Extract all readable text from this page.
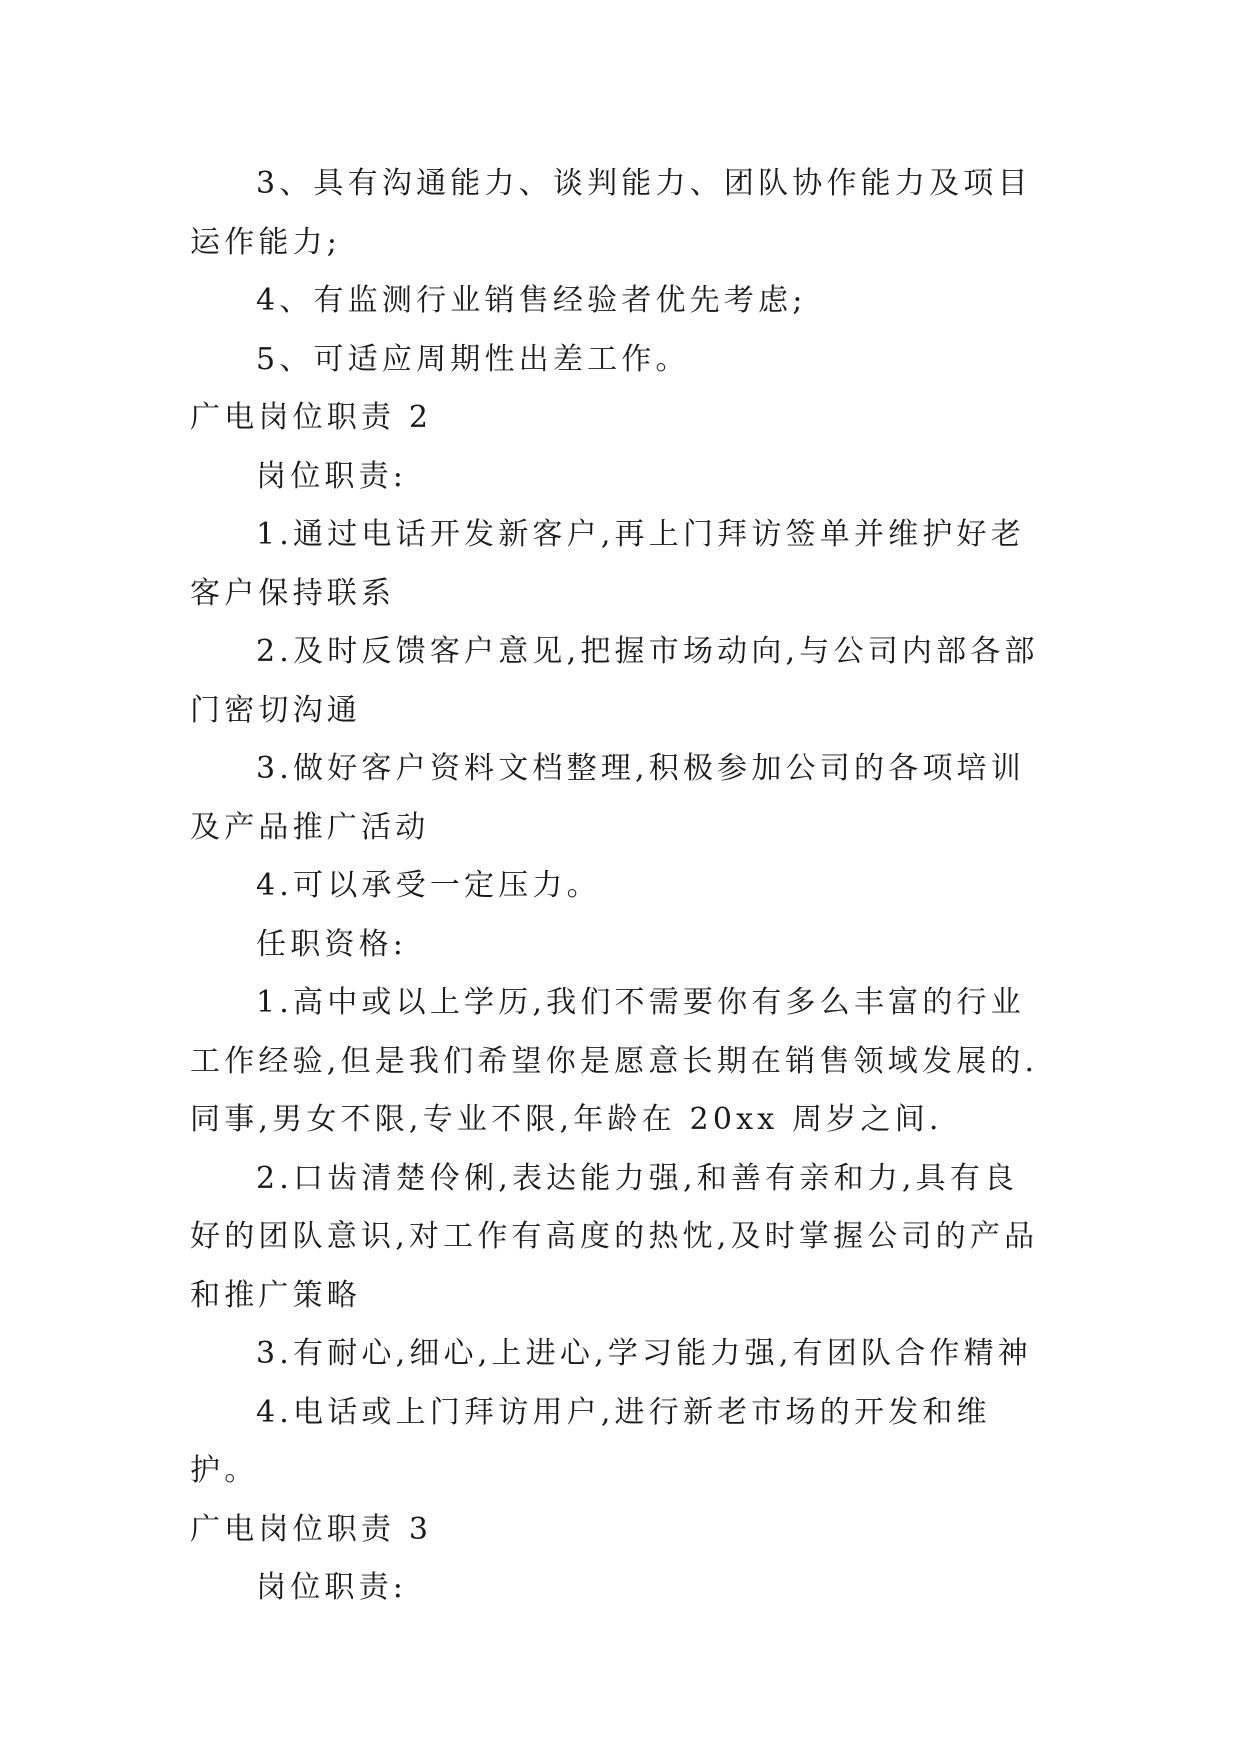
3、具有沟通能力、谈判能力、团队协作能力及项目运作能力;

4、有监测行业销售经验者优先考虑;

5、可适应周期性出差工作。

广电岗位职责 2

岗位职责:

1.通过电话开发新客户,再上门拜访签单并维护好老客户保持联系

2.及时反馈客户意见,把握市场动向,与公司内部各部门密切沟通

3.做好客户资料文档整理,积极参加公司的各项培训及产品推广活动

4.可以承受一定压力。

任职资格:

1.高中或以上学历,我们不需要你有多么丰富的行业工作经验,但是我们希望你是愿意长期在销售领域发展的.同事,男女不限,专业不限,年龄在 20xx 周岁之间.

2.口齿清楚伶俐,表达能力强,和善有亲和力,具有良好的团队意识,对工作有高度的热忱,及时掌握公司的产品和推广策略

3.有耐心,细心,上进心,学习能力强,有团队合作精神

4.电话或上门拜访用户,进行新老市场的开发和维护。

广电岗位职责 3

岗位职责:
